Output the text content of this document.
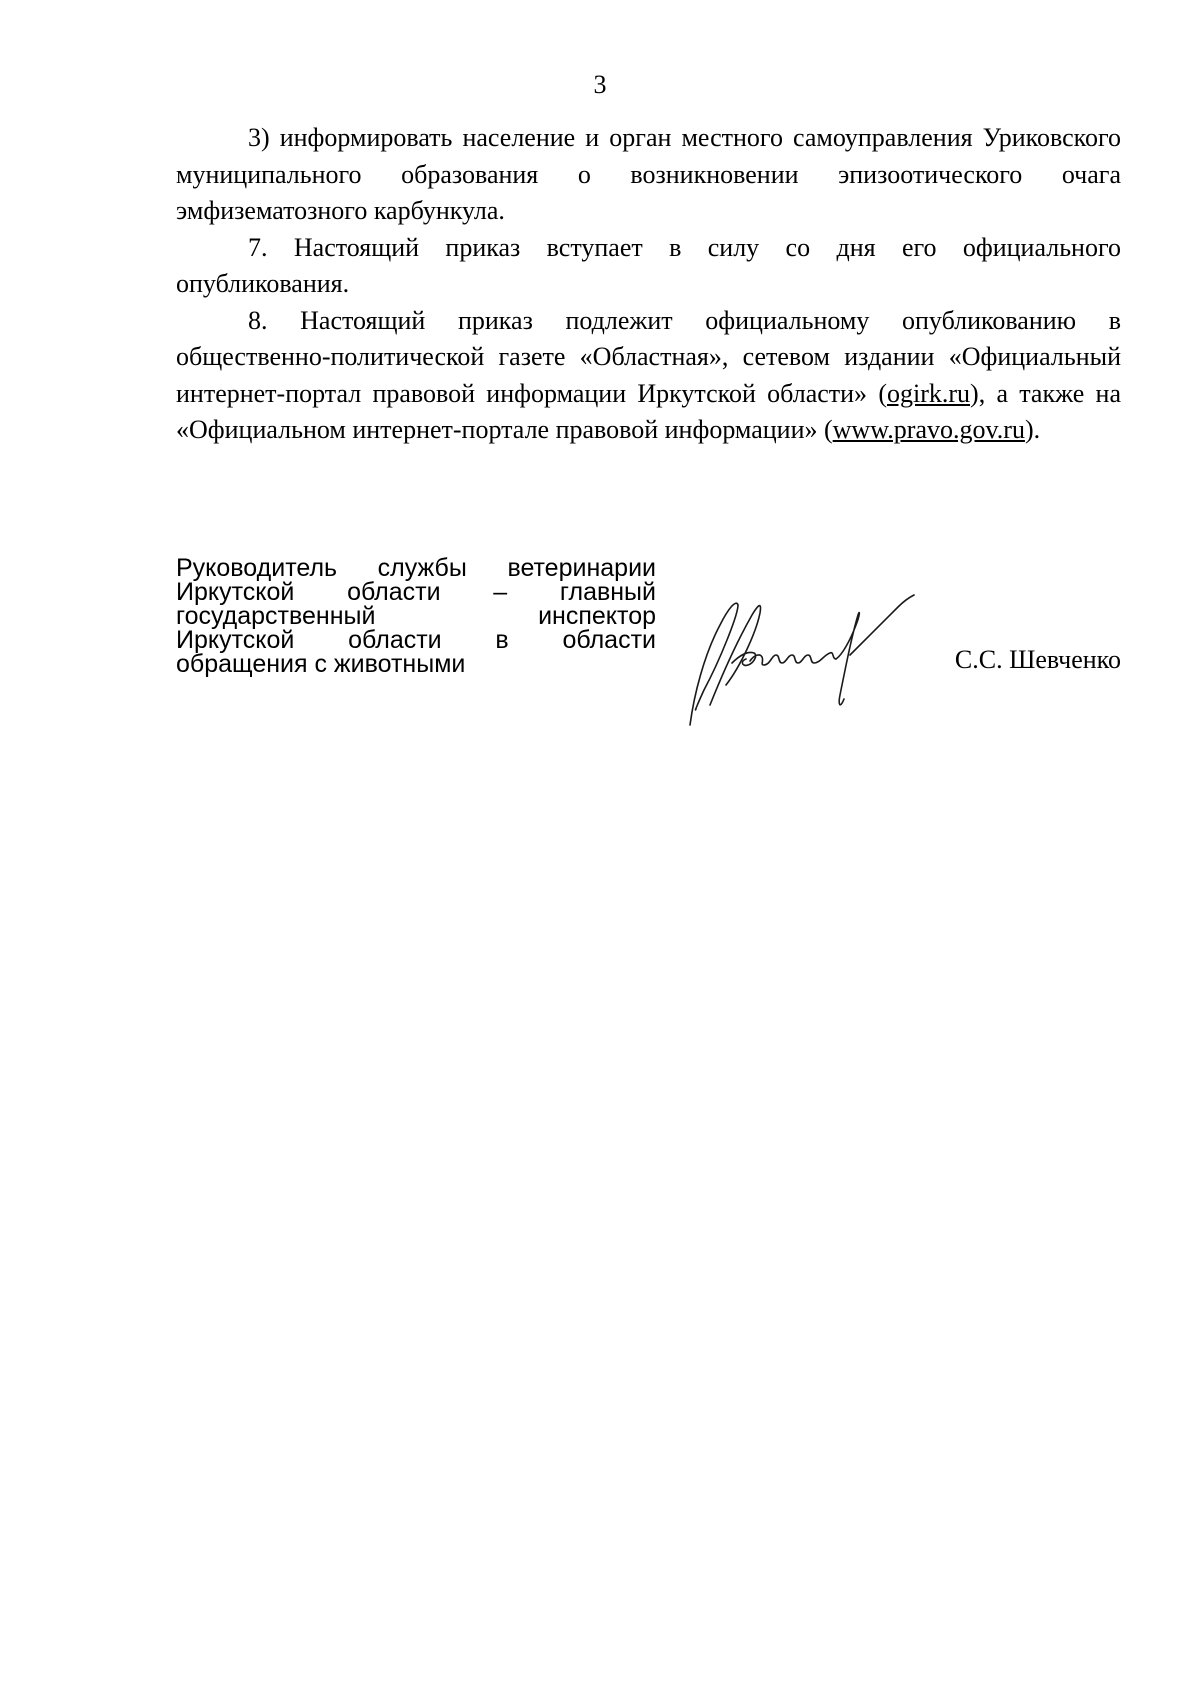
3

3) информировать население и орган местного самоуправления Уриковского муниципального образования о возникновении эпизоотического очага эмфизематозного карбункула.

7. Настоящий приказ вступает в силу со дня его официального опубликования.

8. Настоящий приказ подлежит официальному опубликованию в общественно-политической газете «Областная», сетевом издании «Официальный интернет-портал правовой информации Иркутской области» (ogirk.ru), а также на «Официальном интернет-портале правовой информации» (www.pravo.gov.ru).

Руководитель службы ветеринарии
Иркутской области – главный
государственный инспектор
Иркутской области в области
обращения с животными	С.С. Шевченко
